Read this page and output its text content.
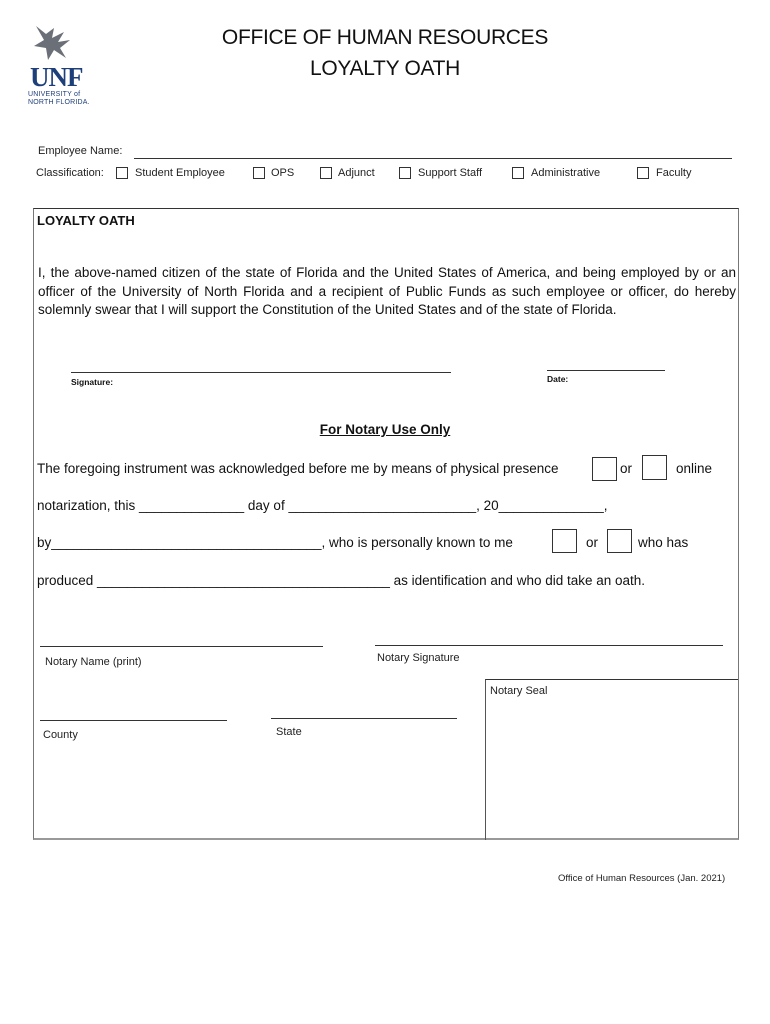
UNF
UNIVERSITY of
NORTH FLORIDA.
OFFICE OF HUMAN RESOURCES
LOYALTY OATH
Employee Name:
Classification:	Student Employee	OPS	Adjunct	Support Staff	Administrative	Faculty
LOYALTY OATH
I, the above-named citizen of the state of Florida and the United States of America, and being employed by or an officer of the University of North Florida and a recipient of Public Funds as such employee or officer, do hereby solemnly swear that I will support the Constitution of the United States and of the state of Florida.
Signature:	Date:
For Notary Use Only
The foregoing instrument was acknowledged before me by means of physical presence	or	online
notarization, this ______________ day of _________________________, 20______________,
by____________________________________, who is personally known to me	or	who has
produced _______________________________________ as identification and who did take an oath.
Notary Name (print)	Notary Signature
Notary Seal
County	State
Office of Human Resources (Jan. 2021)
